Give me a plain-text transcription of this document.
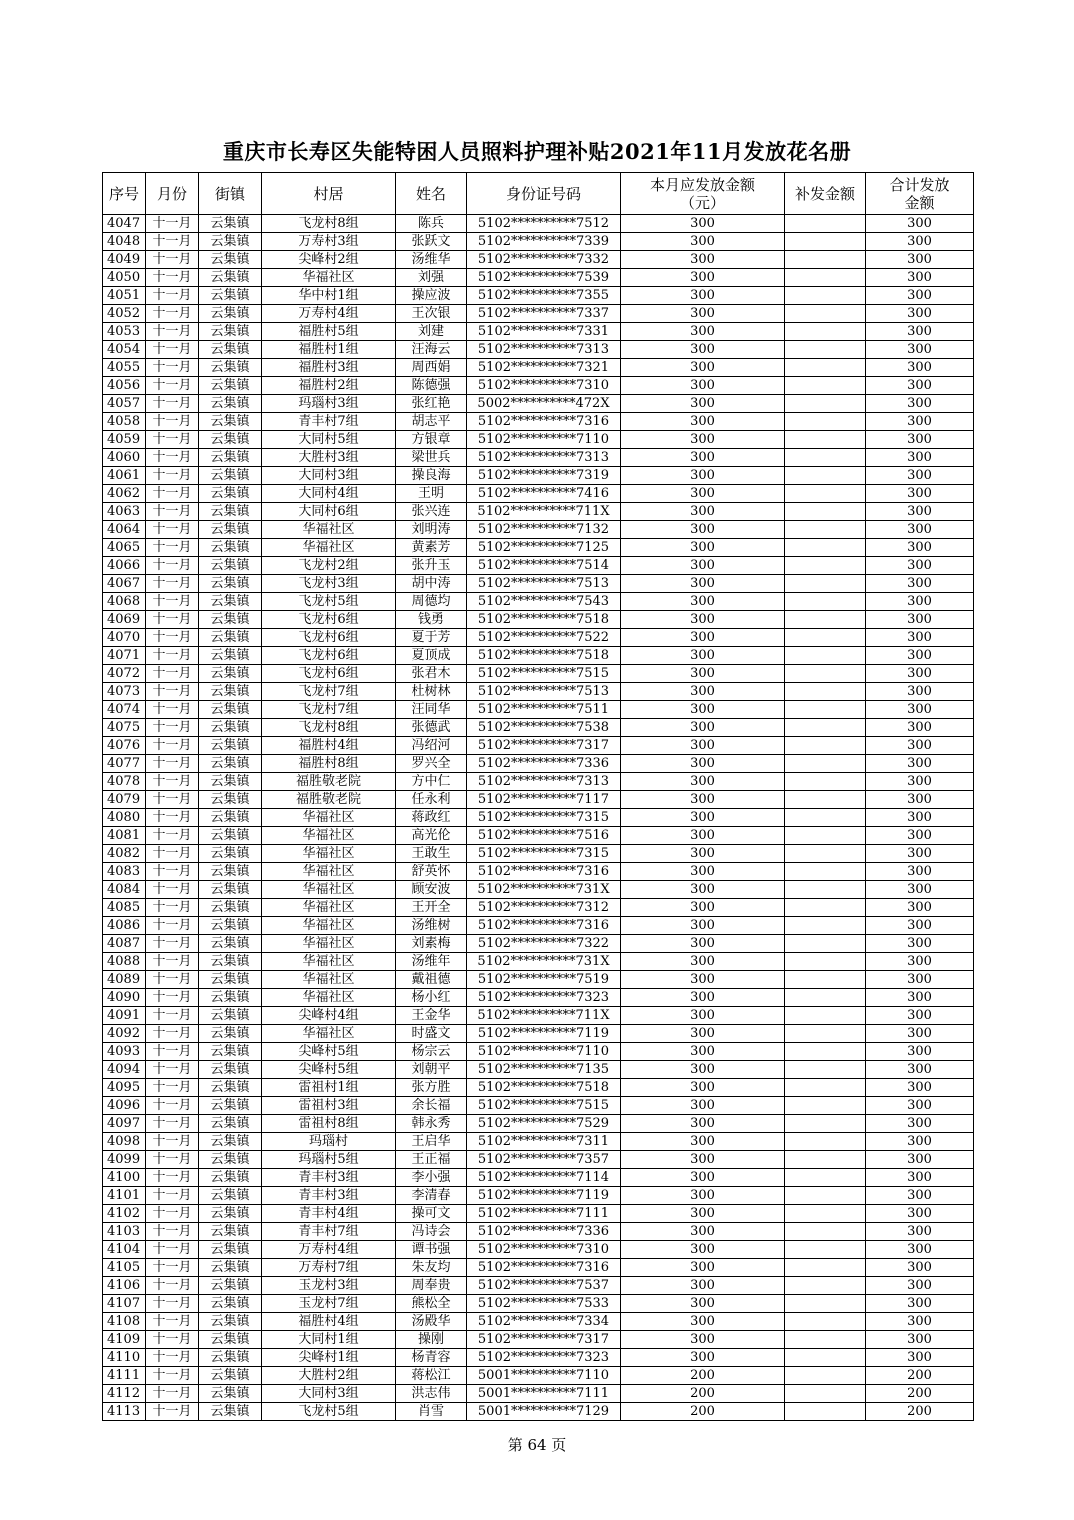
重庆市长寿区失能特困人员照料护理补贴2021年11月发放花名册
序号	月份	街镇	村居	姓名	身份证号码	本月应发放金额（元）	补发金额	合计发放金额
4047	十一月	云集镇	飞龙村8组	陈兵	5102**********7512	300		300
4048	十一月	云集镇	万寿村3组	张跃文	5102**********7339	300		300
4049	十一月	云集镇	尖峰村2组	汤维华	5102**********7332	300		300
4050	十一月	云集镇	华福社区	刘强	5102**********7539	300		300
4051	十一月	云集镇	华中村1组	操应波	5102**********7355	300		300
4052	十一月	云集镇	万寿村4组	王次银	5102**********7337	300		300
4053	十一月	云集镇	福胜村5组	刘建	5102**********7331	300		300
4054	十一月	云集镇	福胜村1组	汪海云	5102**********7313	300		300
4055	十一月	云集镇	福胜村3组	周西娟	5102**********7321	300		300
4056	十一月	云集镇	福胜村2组	陈德强	5102**********7310	300		300
4057	十一月	云集镇	玛瑙村3组	张红艳	5002**********472X	300		300
4058	十一月	云集镇	青丰村7组	胡志平	5102**********7316	300		300
4059	十一月	云集镇	大同村5组	方银章	5102**********7110	300		300
4060	十一月	云集镇	大胜村3组	梁世兵	5102**********7313	300		300
4061	十一月	云集镇	大同村3组	操良海	5102**********7319	300		300
4062	十一月	云集镇	大同村4组	王明	5102**********7416	300		300
4063	十一月	云集镇	大同村6组	张兴连	5102**********711X	300		300
4064	十一月	云集镇	华福社区	刘明涛	5102**********7132	300		300
4065	十一月	云集镇	华福社区	黄素芳	5102**********7125	300		300
4066	十一月	云集镇	飞龙村2组	张升玉	5102**********7514	300		300
4067	十一月	云集镇	飞龙村3组	胡中涛	5102**********7513	300		300
4068	十一月	云集镇	飞龙村5组	周德均	5102**********7543	300		300
4069	十一月	云集镇	飞龙村6组	钱勇	5102**********7518	300		300
4070	十一月	云集镇	飞龙村6组	夏于芳	5102**********7522	300		300
4071	十一月	云集镇	飞龙村6组	夏顶成	5102**********7518	300		300
4072	十一月	云集镇	飞龙村6组	张君木	5102**********7515	300		300
4073	十一月	云集镇	飞龙村7组	杜树林	5102**********7513	300		300
4074	十一月	云集镇	飞龙村7组	汪同华	5102**********7511	300		300
4075	十一月	云集镇	飞龙村8组	张德武	5102**********7538	300		300
4076	十一月	云集镇	福胜村4组	冯绍河	5102**********7317	300		300
4077	十一月	云集镇	福胜村8组	罗兴全	5102**********7336	300		300
4078	十一月	云集镇	福胜敬老院	方中仁	5102**********7313	300		300
4079	十一月	云集镇	福胜敬老院	任永利	5102**********7117	300		300
4080	十一月	云集镇	华福社区	蒋政红	5102**********7315	300		300
4081	十一月	云集镇	华福社区	高光伦	5102**********7516	300		300
4082	十一月	云集镇	华福社区	王敢生	5102**********7315	300		300
4083	十一月	云集镇	华福社区	舒英怀	5102**********7316	300		300
4084	十一月	云集镇	华福社区	顾安波	5102**********731X	300		300
4085	十一月	云集镇	华福社区	王开全	5102**********7312	300		300
4086	十一月	云集镇	华福社区	汤维树	5102**********7316	300		300
4087	十一月	云集镇	华福社区	刘素梅	5102**********7322	300		300
4088	十一月	云集镇	华福社区	汤维年	5102**********731X	300		300
4089	十一月	云集镇	华福社区	戴祖德	5102**********7519	300		300
4090	十一月	云集镇	华福社区	杨小红	5102**********7323	300		300
4091	十一月	云集镇	尖峰村4组	王金华	5102**********711X	300		300
4092	十一月	云集镇	华福社区	时盛文	5102**********7119	300		300
4093	十一月	云集镇	尖峰村5组	杨宗云	5102**********7110	300		300
4094	十一月	云集镇	尖峰村5组	刘朝平	5102**********7135	300		300
4095	十一月	云集镇	雷祖村1组	张方胜	5102**********7518	300		300
4096	十一月	云集镇	雷祖村3组	余长福	5102**********7515	300		300
4097	十一月	云集镇	雷祖村8组	韩永秀	5102**********7529	300		300
4098	十一月	云集镇	玛瑙村	王启华	5102**********7311	300		300
4099	十一月	云集镇	玛瑙村5组	王正福	5102**********7357	300		300
4100	十一月	云集镇	青丰村3组	李小强	5102**********7114	300		300
4101	十一月	云集镇	青丰村3组	李清春	5102**********7119	300		300
4102	十一月	云集镇	青丰村4组	操可文	5102**********7111	300		300
4103	十一月	云集镇	青丰村7组	冯诗会	5102**********7336	300		300
4104	十一月	云集镇	万寿村4组	谭书强	5102**********7310	300		300
4105	十一月	云集镇	万寿村7组	朱友均	5102**********7316	300		300
4106	十一月	云集镇	玉龙村3组	周奉贵	5102**********7537	300		300
4107	十一月	云集镇	玉龙村7组	熊松全	5102**********7533	300		300
4108	十一月	云集镇	福胜村4组	汤殿华	5102**********7334	300		300
4109	十一月	云集镇	大同村1组	操刚	5102**********7317	300		300
4110	十一月	云集镇	尖峰村1组	杨青容	5102**********7323	300		300
4111	十一月	云集镇	大胜村2组	蒋松江	5001**********7110	200		200
4112	十一月	云集镇	大同村3组	洪志伟	5001**********7111	200		200
4113	十一月	云集镇	飞龙村5组	肖雪	5001**********7129	200		200
第 64 页
